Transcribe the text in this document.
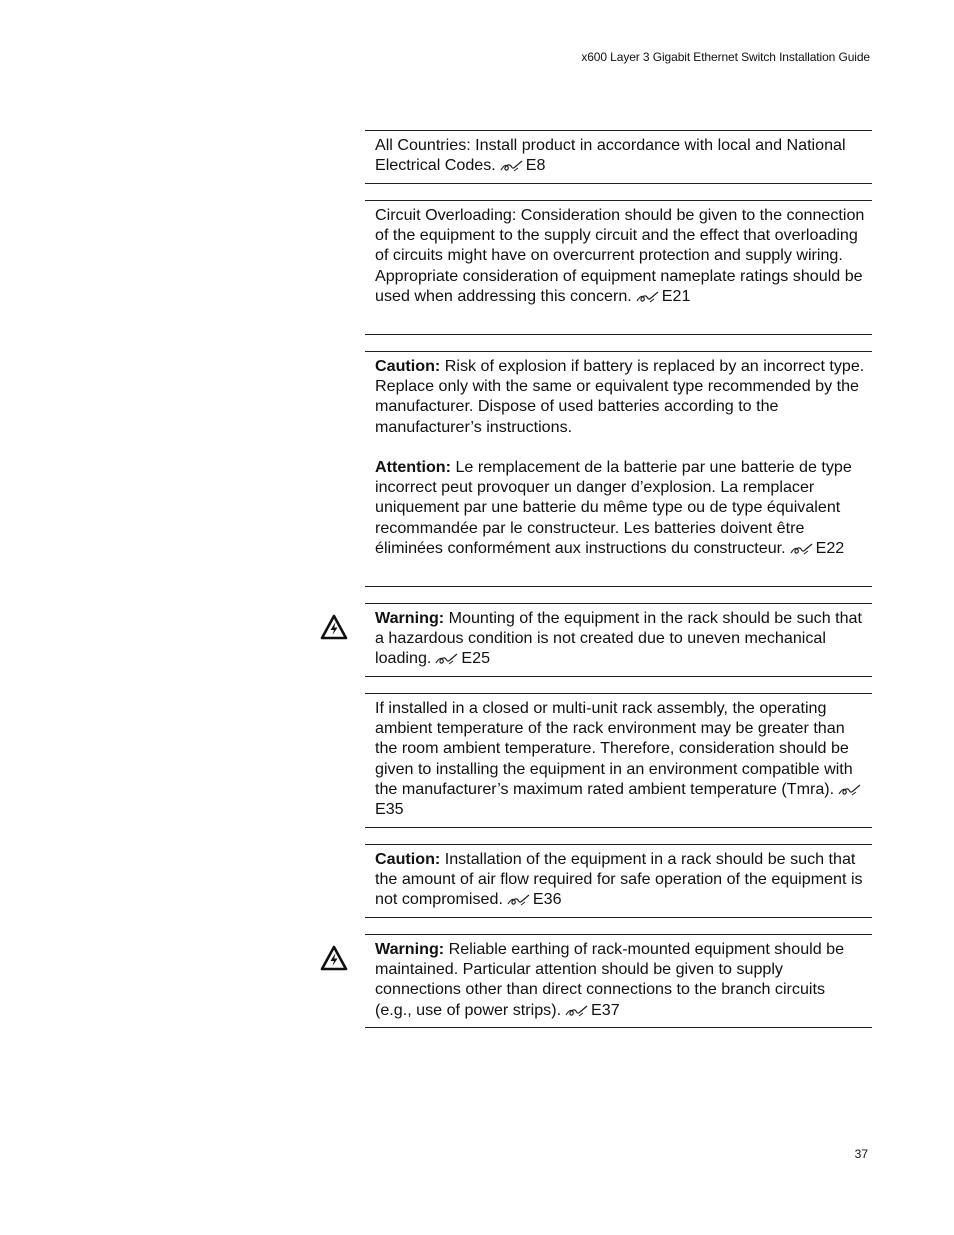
x600 Layer 3 Gigabit Ethernet Switch Installation Guide

All Countries: Install product in accordance with local and National Electrical Codes. E8

Circuit Overloading: Consideration should be given to the connection of the equipment to the supply circuit and the effect that overloading of circuits might have on overcurrent protection and supply wiring. Appropriate consideration of equipment nameplate ratings should be used when addressing this concern. E21

Caution: Risk of explosion if battery is replaced by an incorrect type. Replace only with the same or equivalent type recommended by the manufacturer. Dispose of used batteries according to the manufacturer’s instructions.

Attention: Le remplacement de la batterie par une batterie de type incorrect peut provoquer un danger d’explosion. La remplacer uniquement par une batterie du même type ou de type équivalent recommandée par le constructeur. Les batteries doivent être éliminées conformément aux instructions du constructeur. E22

Warning: Mounting of the equipment in the rack should be such that a hazardous condition is not created due to uneven mechanical loading. E25

If installed in a closed or multi-unit rack assembly, the operating ambient temperature of the rack environment may be greater than the room ambient temperature. Therefore, consideration should be given to installing the equipment in an environment compatible with the manufacturer’s maximum rated ambient temperature (Tmra).E35

Caution: Installation of the equipment in a rack should be such that the amount of air flow required for safe operation of the equipment is not compromised. E36

Warning: Reliable earthing of rack-mounted equipment should be maintained. Particular attention should be given to supply connections other than direct connections to the branch circuits (e.g., use of power strips). E37

37
